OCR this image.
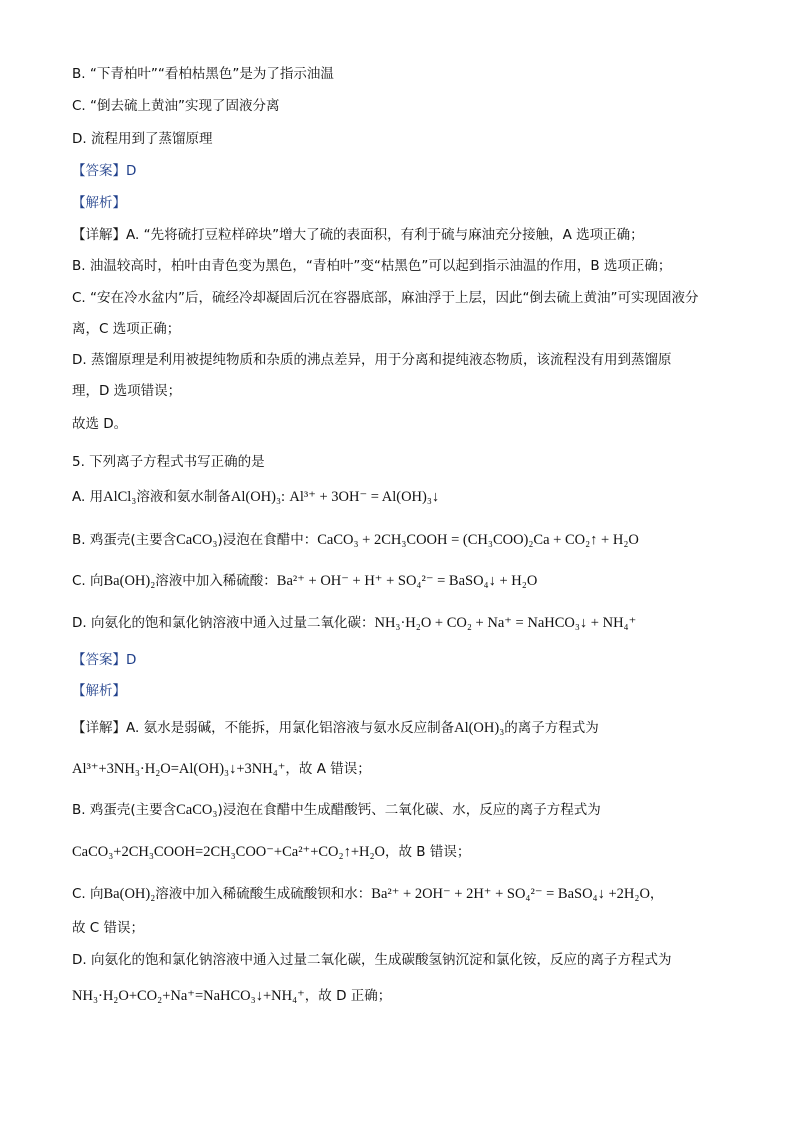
B. “下青柏叶”“看柏枯黑色”是为了指示油温
C. “倒去硫上黄油”实现了固液分离
D. 流程用到了蒸馏原理
【答案】D
【解析】
【详解】A. “先将硫打豆粒样碎块”增大了硫的表面积，有利于硫与麻油充分接触，A 选项正确；
B. 油温较高时，柏叶由青色变为黑色，“青柏叶”变“枯黑色”可以起到指示油温的作用，B 选项正确；
C. “安在冷水盆内”后，硫经冷却凝固后沉在容器底部，麻油浮于上层，因此“倒去硫上黄油”可实现固液分
离，C 选项正确；
D. 蒸馏原理是利用被提纯物质和杂质的沸点差异，用于分离和提纯液态物质，该流程没有用到蒸馏原
理，D 选项错误；
故选 D。
5. 下列离子方程式书写正确的是
A. 用AlCl₃溶液和氨水制备Al(OH)₃: Al³⁺ + 3OH⁻ = Al(OH)₃↓
B. 鸡蛋壳(主要含CaCO₃)浸泡在食醋中：CaCO₃ + 2CH₃COOH = (CH₃COO)₂Ca + CO₂↑ + H₂O
C. 向Ba(OH)₂溶液中加入稀硫酸：Ba²⁺ + OH⁻ + H⁺ + SO₄²⁻ = BaSO₄↓ + H₂O
D. 向氨化的饱和氯化钠溶液中通入过量二氧化碳：NH₃·H₂O + CO₂ + Na⁺ = NaHCO₃↓ + NH₄⁺
【答案】D
【解析】
【详解】A. 氨水是弱碱，不能拆，用氯化铝溶液与氨水反应制备Al(OH)₃的离子方程式为
Al³⁺+3NH₃·H₂O=Al(OH)₃↓+3NH₄⁺，故 A 错误；
B. 鸡蛋壳(主要含CaCO₃)浸泡在食醋中生成醋酸钙、二氧化碳、水，反应的离子方程式为
CaCO₃+2CH₃COOH=2CH₃COO⁻+Ca²⁺+CO₂↑+H₂O，故 B 错误；
C. 向Ba(OH)₂溶液中加入稀硫酸生成硫酸钡和水：Ba²⁺ + 2OH⁻ + 2H⁺ + SO₄²⁻ = BaSO₄↓ +2H₂O，
故 C 错误；
D. 向氨化的饱和氯化钠溶液中通入过量二氧化碳，生成碳酸氢钠沉淀和氯化铵，反应的离子方程式为
NH₃·H₂O+CO₂+Na⁺=NaHCO₃↓+NH₄⁺，故 D 正确；
